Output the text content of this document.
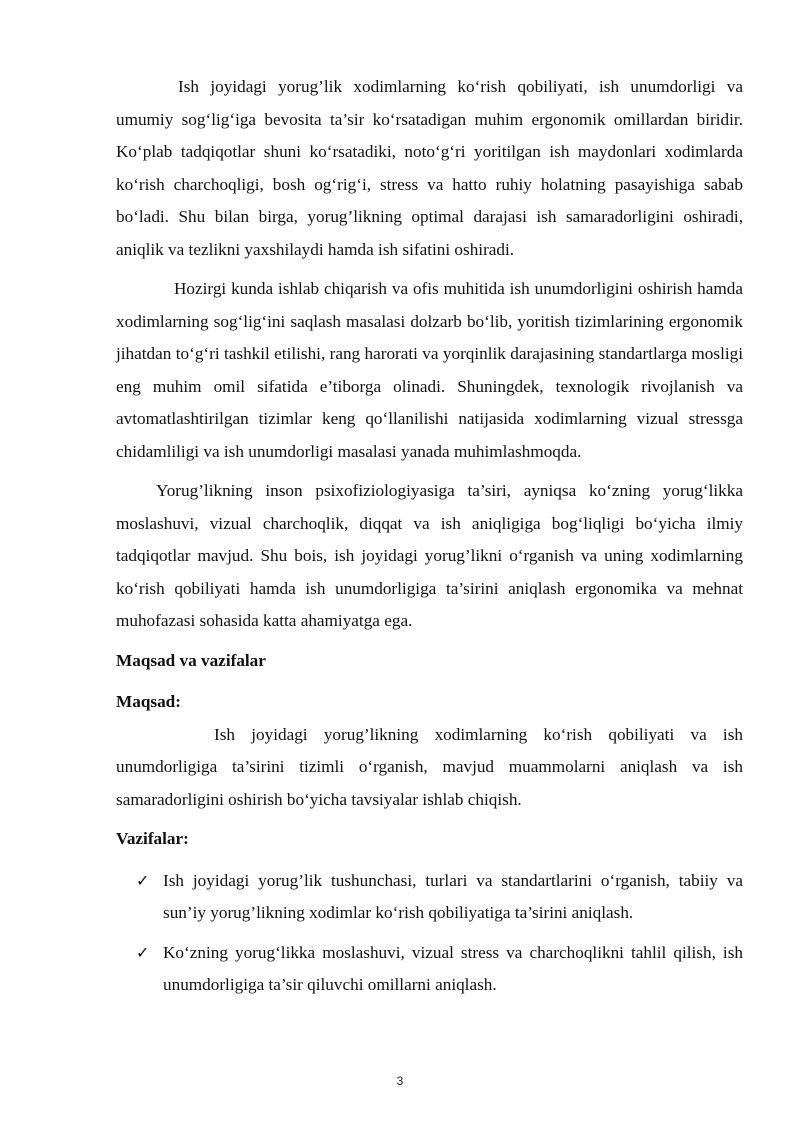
Ish joyidagi yorug’lik xodimlarning ko‘rish qobiliyati, ish unumdorligi va umumiy sog‘lig‘iga bevosita ta’sir ko‘rsatadigan muhim ergonomik omillardan biridir. Ko‘plab tadqiqotlar shuni ko‘rsatadiki, noto‘g‘ri yoritilgan ish maydonlari xodimlarda ko‘rish charchoqligi, bosh og‘rig‘i, stress va hatto ruhiy holatning pasayishiga sabab bo‘ladi. Shu bilan birga, yorug’likning optimal darajasi ish samaradorligini oshiradi, aniqlik va tezlikni yaxshilaydi hamda ish sifatini oshiradi.

Hozirgi kunda ishlab chiqarish va ofis muhitida ish unumdorligini oshirish hamda xodimlarning sog‘lig‘ini saqlash masalasi dolzarb bo‘lib, yoritish tizimlarining ergonomik jihatdan to‘g‘ri tashkil etilishi, rang harorati va yorqinlik darajasining standartlarga mosligi eng muhim omil sifatida e’tiborga olinadi. Shuningdek, texnologik rivojlanish va avtomatlashtirilgan tizimlar keng qo‘llanilishi natijasida xodimlarning vizual stressga chidamliligi va ish unumdorligi masalasi yanada muhimlashmoqda.

Yorug’likning inson psixofiziologiyasiga ta’siri, ayniqsa ko‘zning yorug‘likka moslashuvi, vizual charchoqlik, diqqat va ish aniqligiga bog‘liqligi bo‘yicha ilmiy tadqiqotlar mavjud. Shu bois, ish joyidagi yorug’likni o‘rganish va uning xodimlarning ko‘rish qobiliyati hamda ish unumdorligiga ta’sirini aniqlash ergonomika va mehnat muhofazasi sohasida katta ahamiyatga ega.

Maqsad va vazifalar
Maqsad:

Ish joyidagi yorug’likning xodimlarning ko‘rish qobiliyati va ish unumdorligiga ta’sirini tizimli o‘rganish, mavjud muammolarni aniqlash va ish samaradorligini oshirish bo‘yicha tavsiyalar ishlab chiqish.

Vazifalar:
✓ Ish joyidagi yorug’lik tushunchasi, turlari va standartlarini o‘rganish, tabiiy va sun’iy yorug’likning xodimlar ko‘rish qobiliyatiga ta’sirini aniqlash.
✓ Ko‘zning yorug‘likka moslashuvi, vizual stress va charchoqlikni tahlil qilish, ish unumdorligiga ta’sir qiluvchi omillarni aniqlash.
3
